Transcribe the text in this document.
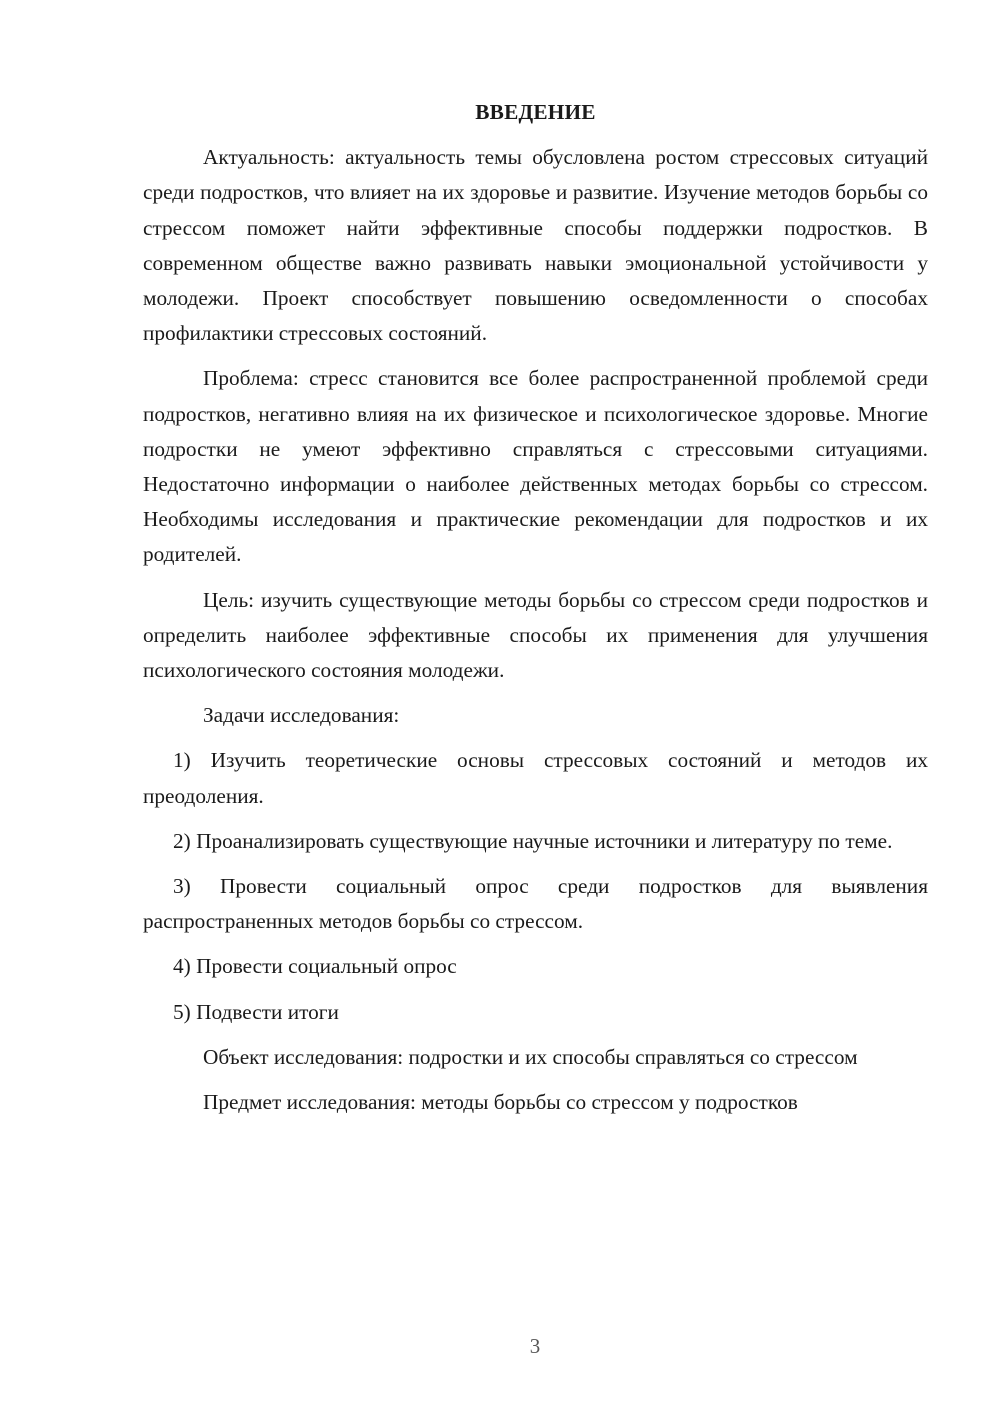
ВВЕДЕНИЕ

Актуальность: актуальность темы обусловлена ростом стрессовых ситуаций среди подростков, что влияет на их здоровье и развитие. Изучение методов борьбы со стрессом поможет найти эффективные способы поддержки подростков. В современном обществе важно развивать навыки эмоциональной устойчивости у молодежи. Проект способствует повышению осведомленности о способах профилактики стрессовых состояний.

Проблема: стресс становится все более распространенной проблемой среди подростков, негативно влияя на их физическое и психологическое здоровье. Многие подростки не умеют эффективно справляться с стрессовыми ситуациями. Недостаточно информации о наиболее действенных методах борьбы со стрессом. Необходимы исследования и практические рекомендации для подростков и их родителей.

Цель: изучить существующие методы борьбы со стрессом среди подростков и определить наиболее эффективные способы их применения для улучшения психологического состояния молодежи.

Задачи исследования:

1) Изучить теоретические основы стрессовых состояний и методов их преодоления.

2) Проанализировать существующие научные источники и литературу по теме.

3) Провести социальный опрос среди подростков для выявления распространенных методов борьбы со стрессом.

4) Провести социальный опрос

5) Подвести итоги

Объект исследования: подростки и их способы справляться со стрессом

Предмет исследования: методы борьбы со стрессом у подростков

3
